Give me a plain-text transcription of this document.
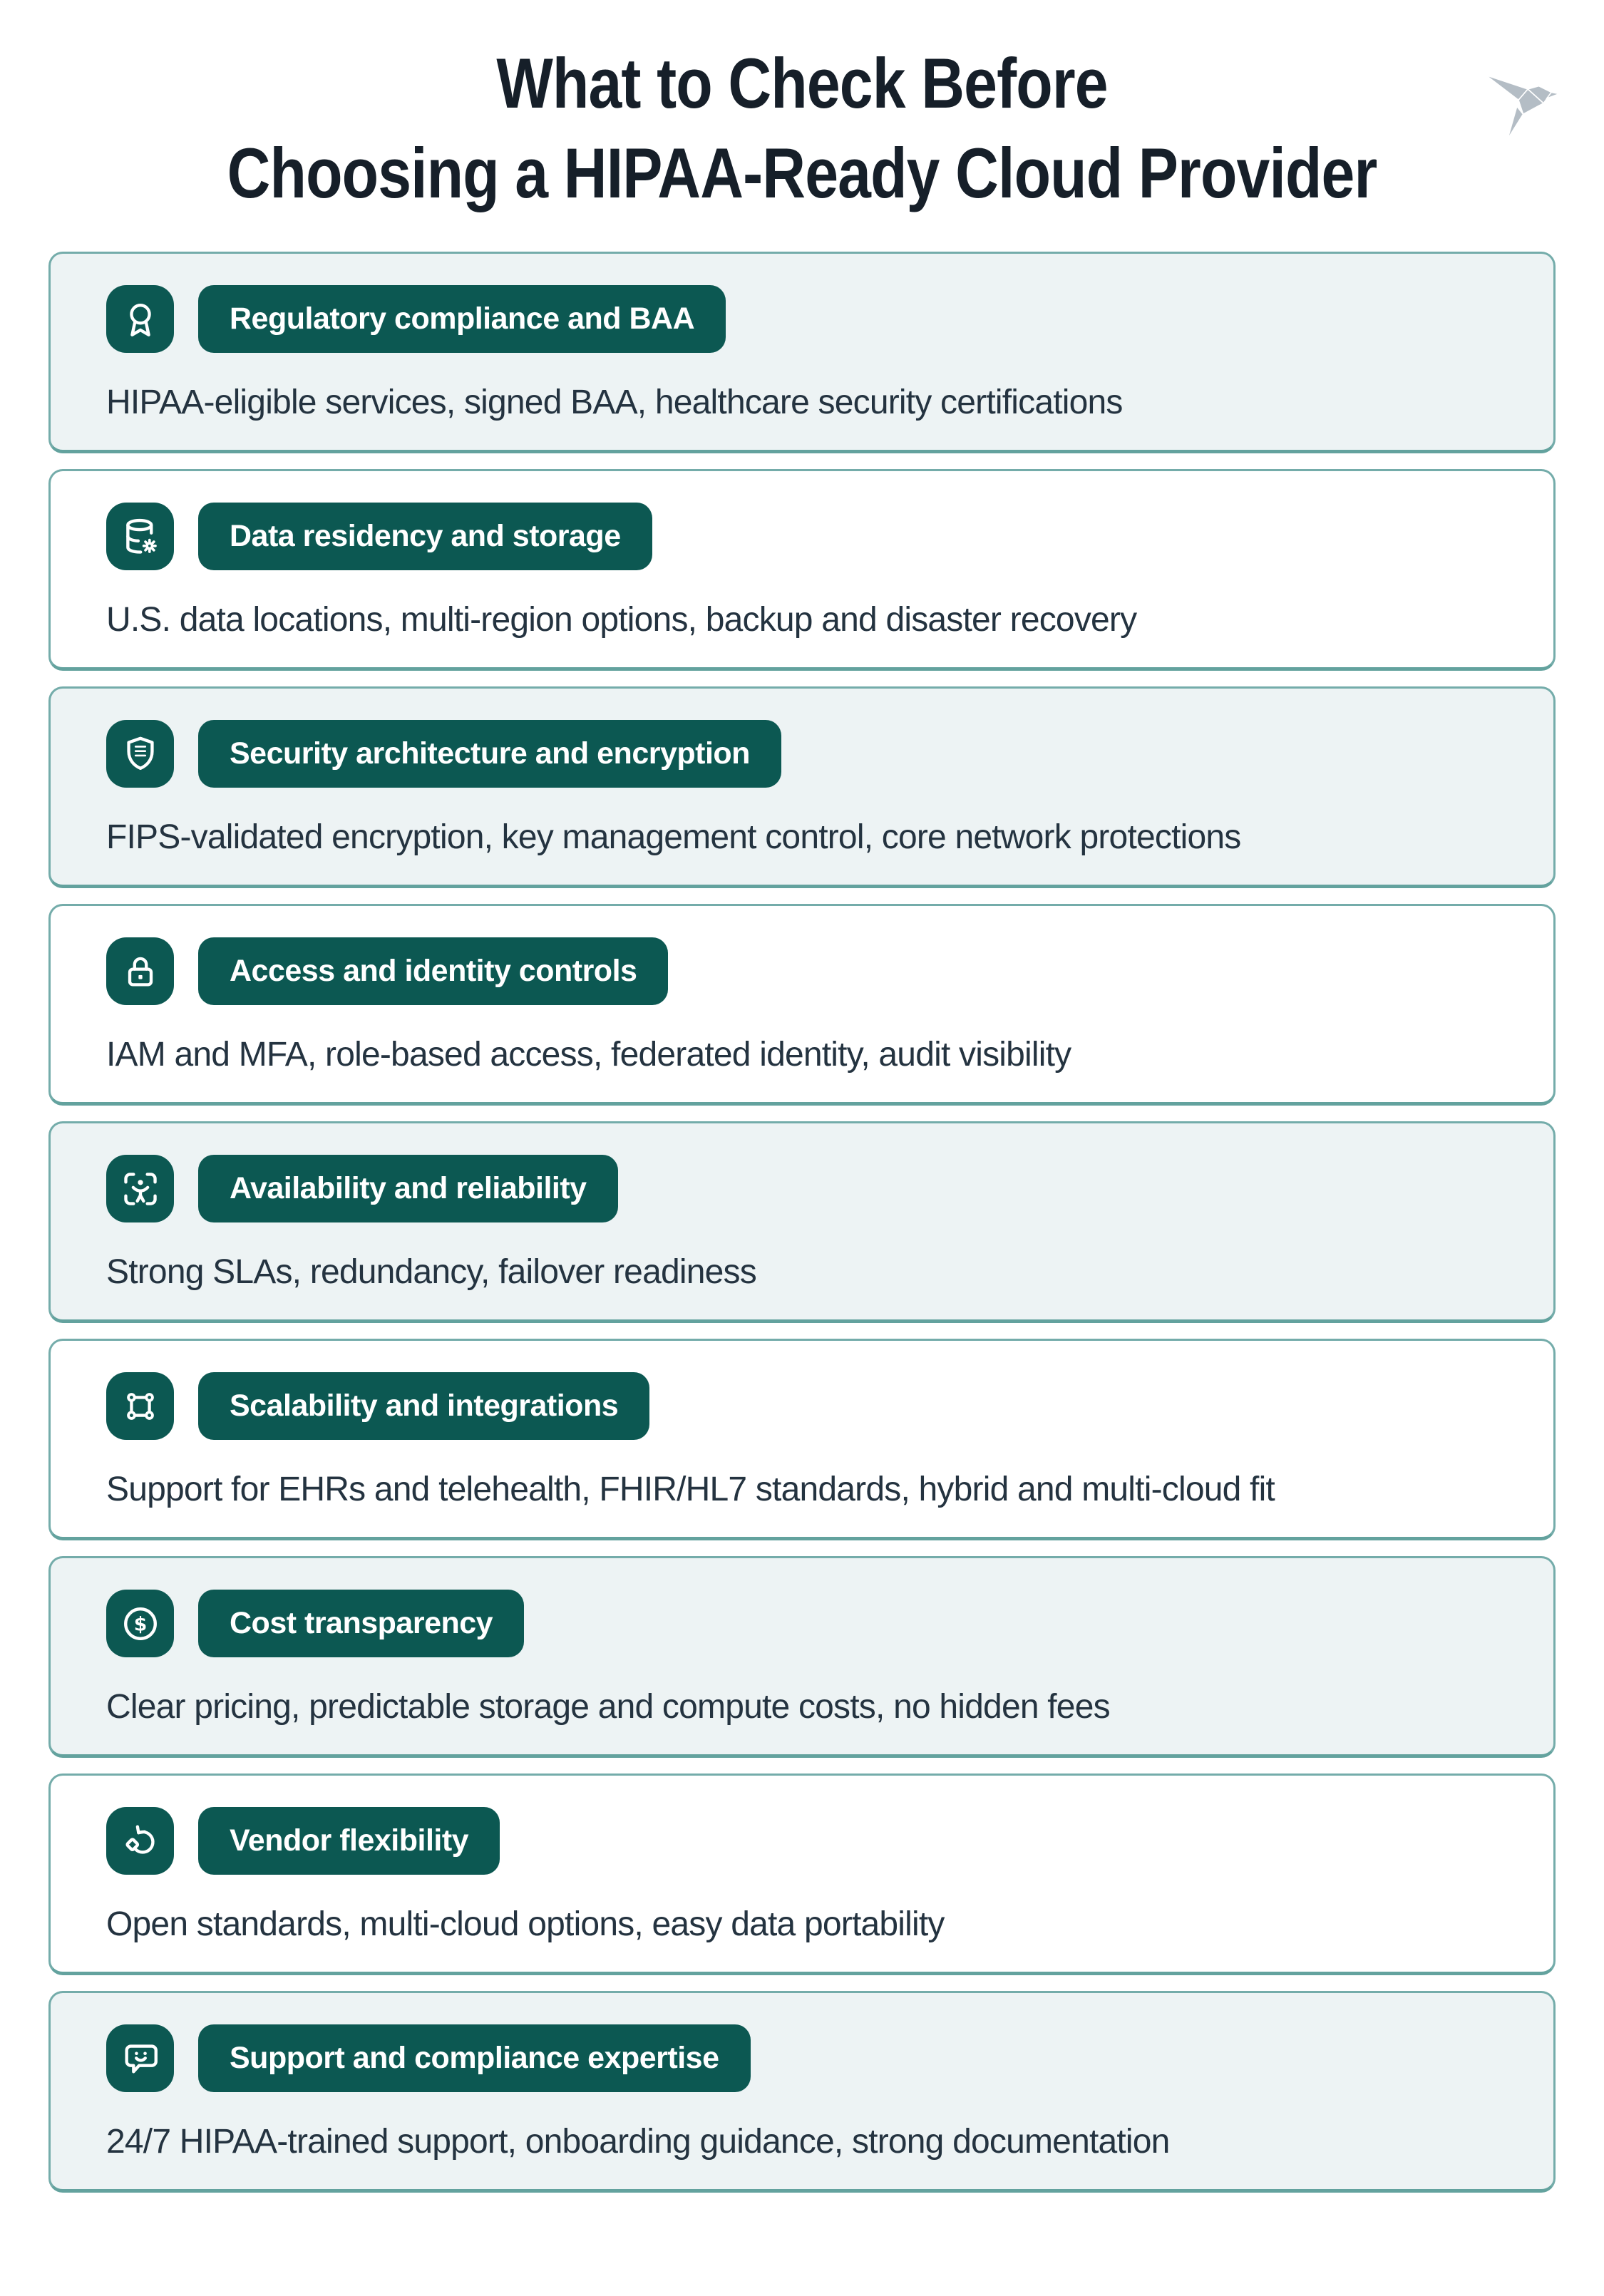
What to Check Before
Choosing a HIPAA-Ready Cloud Provider
Regulatory compliance and BAA

HIPAA-eligible services, signed BAA, healthcare security certifications

Data residency and storage

U.S. data locations, multi-region options, backup and disaster recovery

Security architecture and encryption

FIPS-validated encryption, key management control, core network protections

Access and identity controls

IAM and MFA, role-based access, federated identity, audit visibility

Availability and reliability

Strong SLAs, redundancy, failover readiness

Scalability and integrations

Support for EHRs and telehealth, FHIR/HL7 standards, hybrid and multi-cloud fit

$	Cost transparency

Clear pricing, predictable storage and compute costs, no hidden fees

Vendor flexibility

Open standards, multi-cloud options, easy data portability

Support and compliance expertise

24/7 HIPAA-trained support, onboarding guidance, strong documentation
